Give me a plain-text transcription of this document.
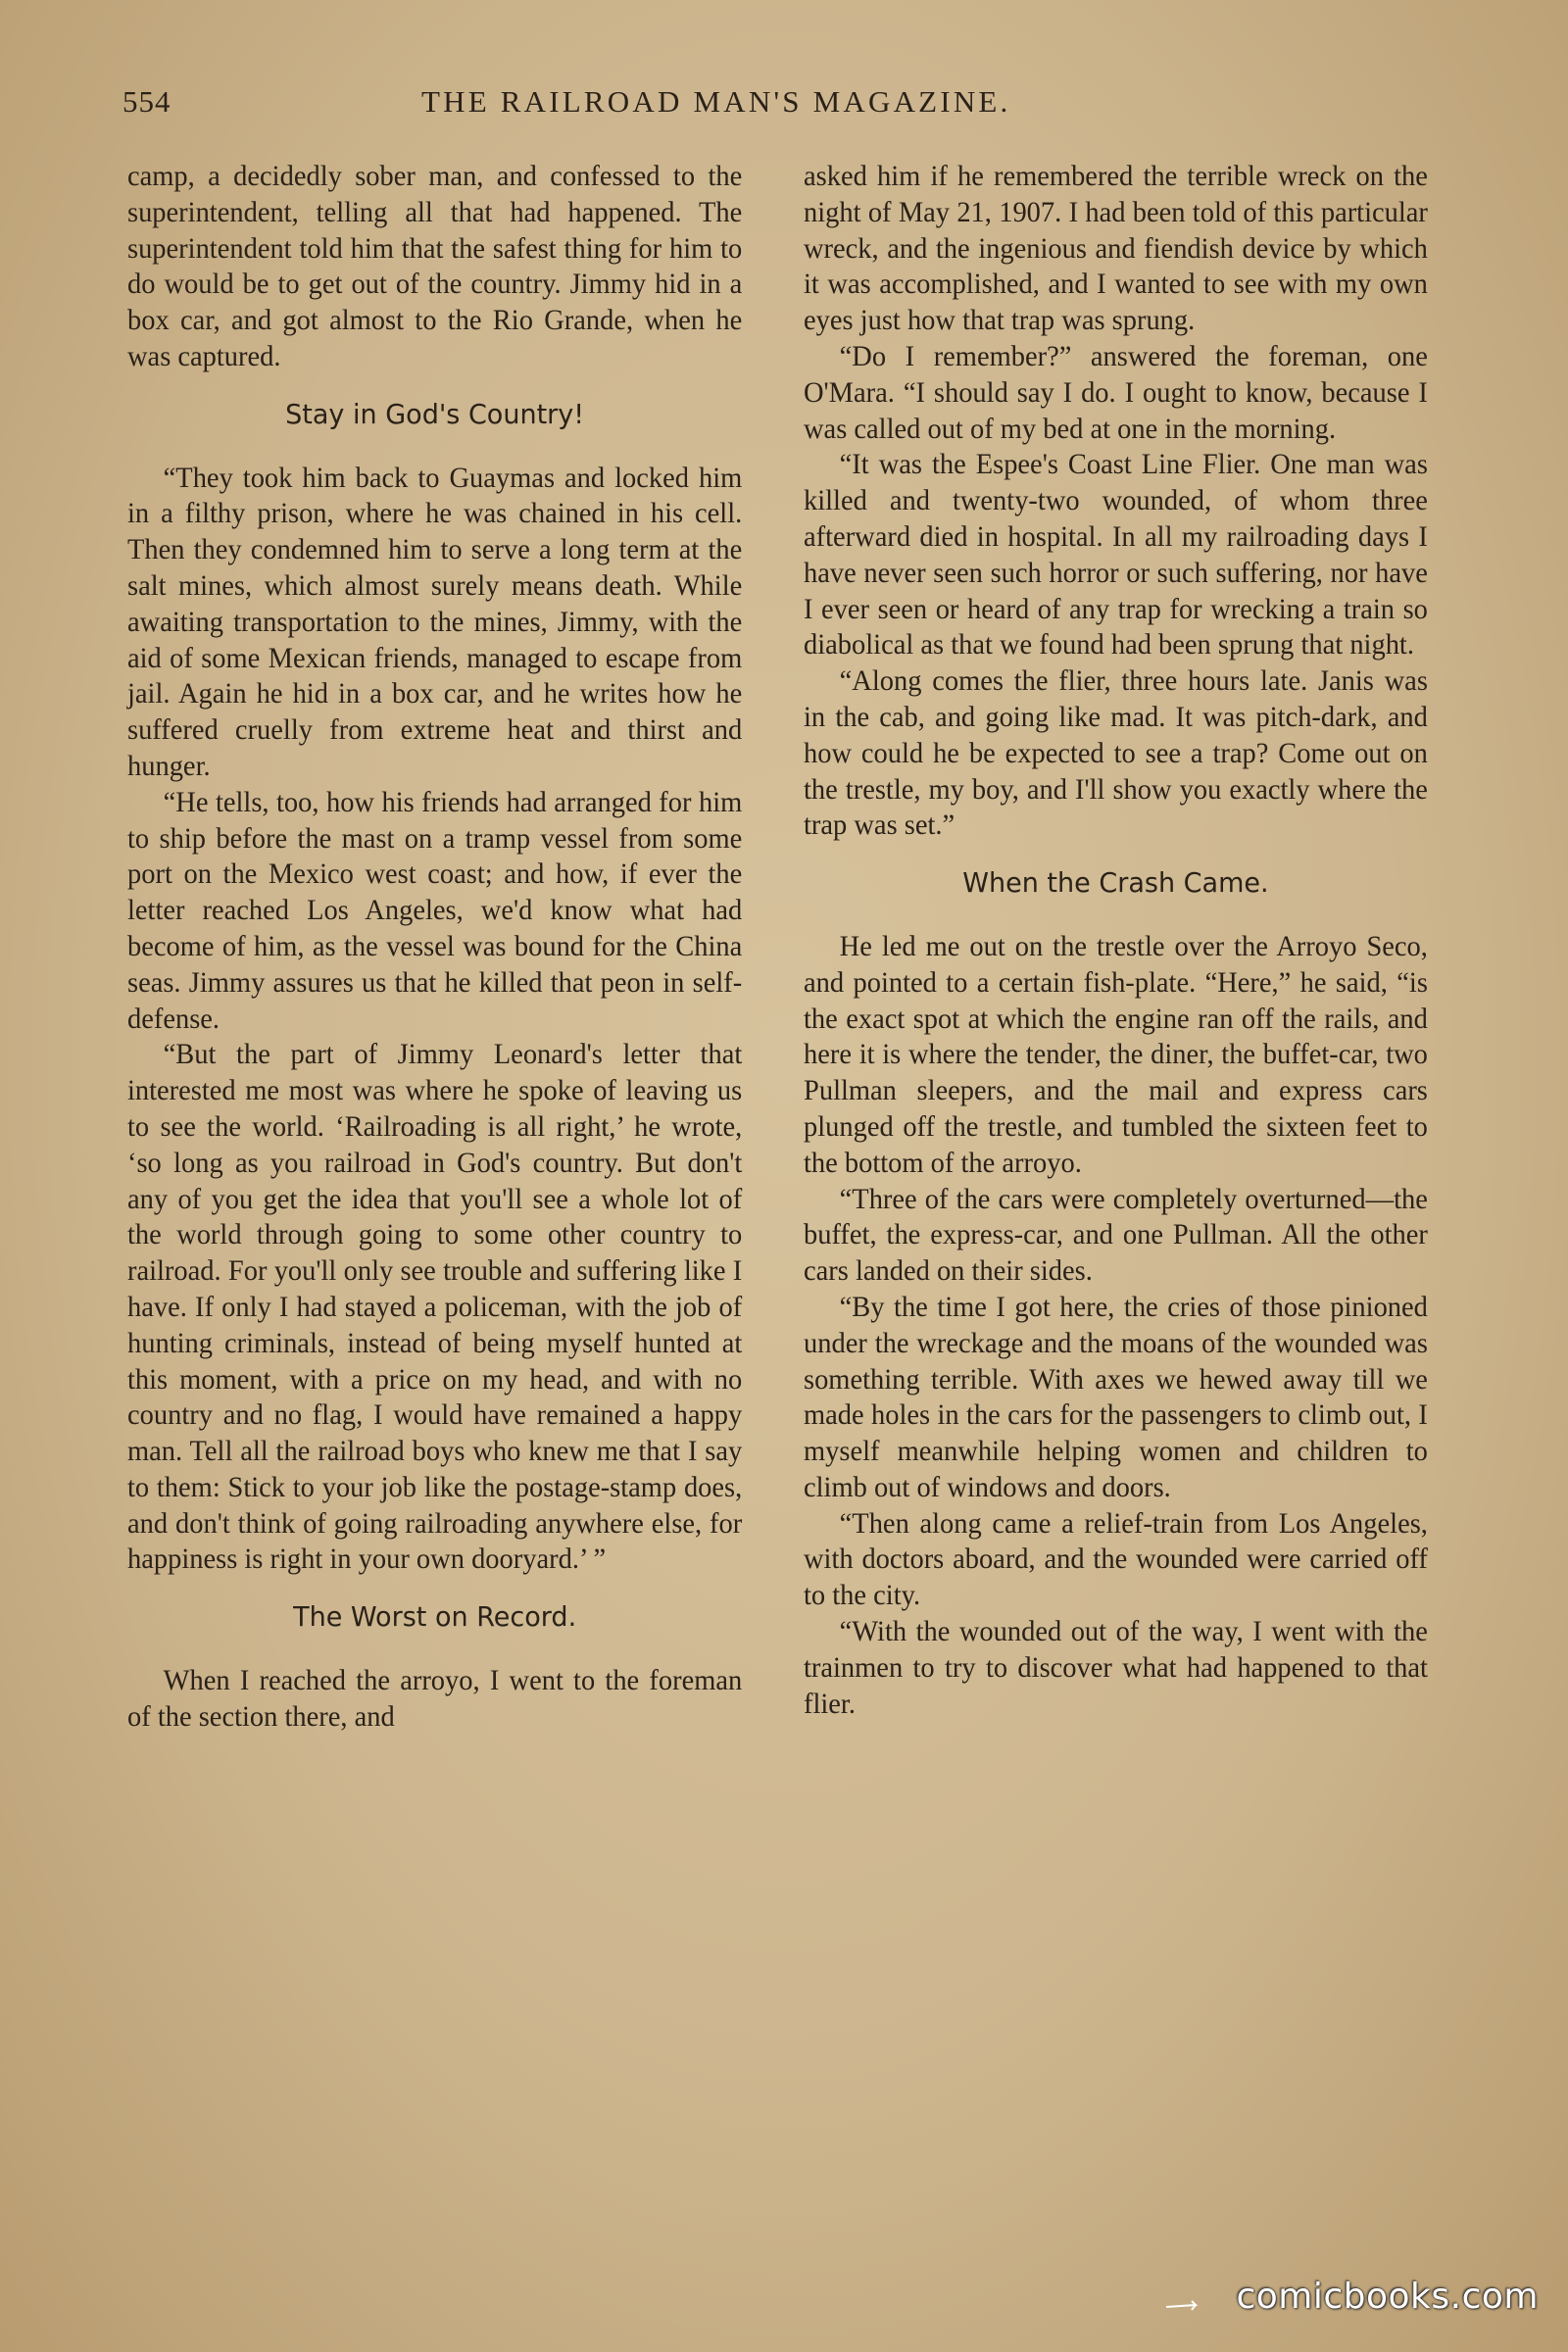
554	THE RAILROAD MAN'S MAGAZINE.

camp, a decidedly sober man, and confessed to the superintendent, telling all that had happened. The superintendent told him that the safest thing for him to do would be to get out of the country. Jimmy hid in a box car, and got almost to the Rio Grande, when he was captured.

Stay in God's Country!

“They took him back to Guaymas and locked him in a filthy prison, where he was chained in his cell. Then they condemned him to serve a long term at the salt mines, which almost surely means death. While awaiting transportation to the mines, Jimmy, with the aid of some Mexican friends, managed to escape from jail. Again he hid in a box car, and he writes how he suffered cruelly from extreme heat and thirst and hunger.

“He tells, too, how his friends had arranged for him to ship before the mast on a tramp vessel from some port on the Mexico west coast; and how, if ever the letter reached Los Angeles, we'd know what had become of him, as the vessel was bound for the China seas. Jimmy assures us that he killed that peon in self-defense.

“But the part of Jimmy Leonard's letter that interested me most was where he spoke of leaving us to see the world. ‘Railroading is all right,’ he wrote, ‘so long as you railroad in God's country. But don't any of you get the idea that you'll see a whole lot of the world through going to some other country to railroad. For you'll only see trouble and suffering like I have. If only I had stayed a policeman, with the job of hunting criminals, instead of being myself hunted at this moment, with a price on my head, and with no country and no flag, I would have remained a happy man. Tell all the railroad boys who knew me that I say to them: Stick to your job like the postage-stamp does, and don't think of going railroading anywhere else, for happiness is right in your own dooryard.’ ”

The Worst on Record.

When I reached the arroyo, I went to the foreman of the section there, and

asked him if he remembered the terrible wreck on the night of May 21, 1907. I had been told of this particular wreck, and the ingenious and fiendish device by which it was accomplished, and I wanted to see with my own eyes just how that trap was sprung.

“Do I remember?” answered the foreman, one O'Mara. “I should say I do. I ought to know, because I was called out of my bed at one in the morning.

“It was the Espee's Coast Line Flier. One man was killed and twenty-two wounded, of whom three afterward died in hospital. In all my railroading days I have never seen such horror or such suffering, nor have I ever seen or heard of any trap for wrecking a train so diabolical as that we found had been sprung that night.

“Along comes the flier, three hours late. Janis was in the cab, and going like mad. It was pitch-dark, and how could he be expected to see a trap? Come out on the trestle, my boy, and I'll show you exactly where the trap was set.”

When the Crash Came.

He led me out on the trestle over the Arroyo Seco, and pointed to a certain fish-plate. “Here,” he said, “is the exact spot at which the engine ran off the rails, and here it is where the tender, the diner, the buffet-car, two Pullman sleepers, and the mail and express cars plunged off the trestle, and tumbled the sixteen feet to the bottom of the arroyo.

“Three of the cars were completely overturned—the buffet, the express-car, and one Pullman. All the other cars landed on their sides.

“By the time I got here, the cries of those pinioned under the wreckage and the moans of the wounded was something terrible. With axes we hewed away till we made holes in the cars for the passengers to climb out, I myself meanwhile helping women and children to climb out of windows and doors.

“Then along came a relief-train from Los Angeles, with doctors aboard, and the wounded were carried off to the city.

“With the wounded out of the way, I went with the trainmen to try to discover what had happened to that flier.

comicbooks.com
